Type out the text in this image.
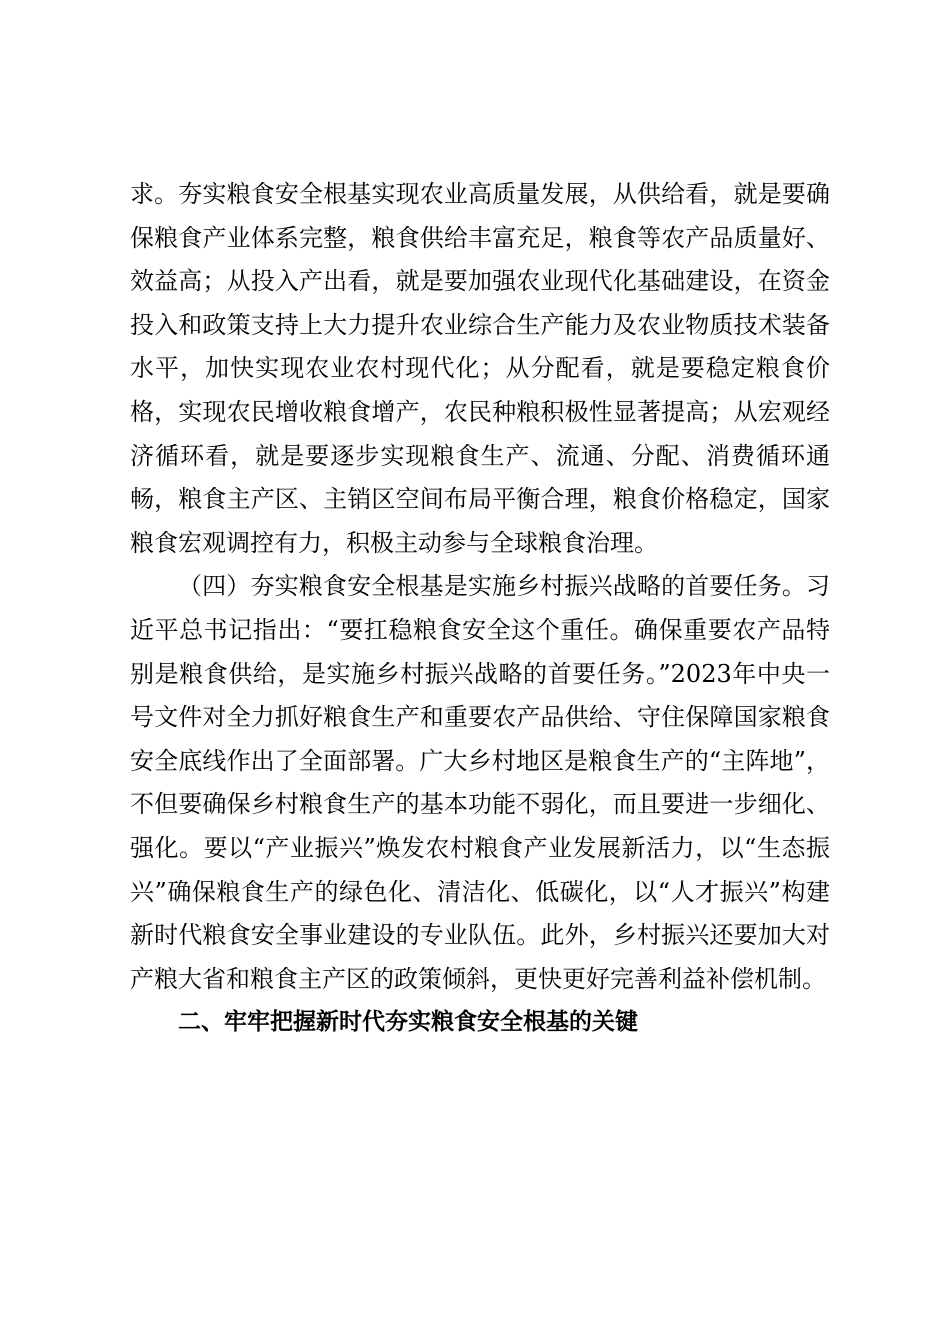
求。夯实粮食安全根基实现农业高质量发展，从供给看，就是要确保粮食产业体系完整，粮食供给丰富充足，粮食等农产品质量好、效益高；从投入产出看，就是要加强农业现代化基础建设，在资金投入和政策支持上大力提升农业综合生产能力及农业物质技术装备水平，加快实现农业农村现代化；从分配看，就是要稳定粮食价格，实现农民增收粮食增产，农民种粮积极性显著提高；从宏观经济循环看，就是要逐步实现粮食生产、流通、分配、消费循环通畅，粮食主产区、主销区空间布局平衡合理，粮食价格稳定，国家粮食宏观调控有力，积极主动参与全球粮食治理。

（四）夯实粮食安全根基是实施乡村振兴战略的首要任务。习近平总书记指出：“要扛稳粮食安全这个重任。确保重要农产品特别是粮食供给，是实施乡村振兴战略的首要任务。”2023年中央一号文件对全力抓好粮食生产和重要农产品供给、守住保障国家粮食安全底线作出了全面部署。广大乡村地区是粮食生产的“主阵地”，不但要确保乡村粮食生产的基本功能不弱化，而且要进一步细化、强化。要以“产业振兴”焕发农村粮食产业发展新活力，以“生态振兴”确保粮食生产的绿色化、清洁化、低碳化，以“人才振兴”构建新时代粮食安全事业建设的专业队伍。此外，乡村振兴还要加大对产粮大省和粮食主产区的政策倾斜，更快更好完善利益补偿机制。

二、牢牢把握新时代夯实粮食安全根基的关键
